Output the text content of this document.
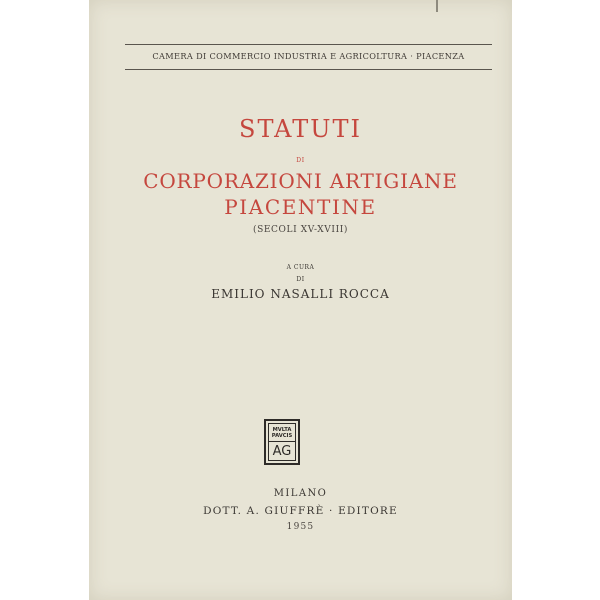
CAMERA DI COMMERCIO INDUSTRIA E AGRICOLTURA · PIACENZA
STATUTI
DI
CORPORAZIONI ARTIGIANE
PIACENTINE
(SECOLI XV-XVIII)
A CURA
DI
EMILIO NASALLI ROCCA
MVLTA
PAVCIS
AG
MILANO
DOTT. A. GIUFFRÈ · EDITORE
1955
